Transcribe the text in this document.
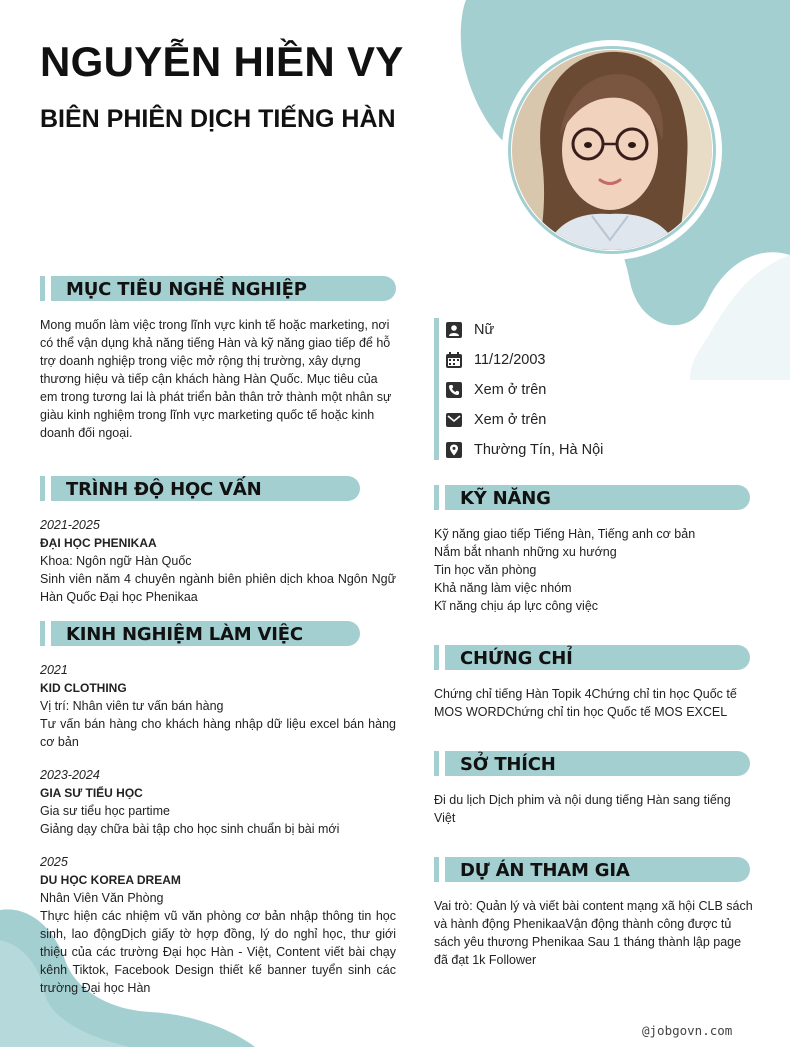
NGUYỄN HIỀN VY
BIÊN PHIÊN DỊCH TIẾNG HÀN
MỤC TIÊU NGHỀ NGHIỆP

Mong muốn làm việc trong lĩnh vực kinh tế hoặc marketing, nơi có thể vận dụng khả năng tiếng Hàn và kỹ năng giao tiếp để hỗ trợ doanh nghiệp trong việc mở rộng thị trường, xây dựng thương hiệu và tiếp cận khách hàng Hàn Quốc. Mục tiêu của em trong tương lai là phát triển bản thân trở thành một nhân sự giàu kinh nghiệm trong lĩnh vực marketing quốc tế hoặc kinh doanh đối ngoại.

TRÌNH ĐỘ HỌC VẤN
2021-2025
ĐẠI HỌC PHENIKAA
Khoa: Ngôn ngữ Hàn Quốc
Sinh viên năm 4 chuyên ngành biên phiên dịch khoa Ngôn Ngữ Hàn Quốc Đại học Phenikaa
KINH NGHIỆM LÀM VIỆC
2021
KID CLOTHING
Vị trí: Nhân viên tư vấn bán hàng
Tư vấn bán hàng cho khách hàng nhập dữ liệu excel bán hàng cơ bản
2023-2024
GIA SƯ TIỂU HỌC
Gia sư tiểu học partime
Giảng dạy chữa bài tập cho học sinh chuẩn bị bài mới
2025
DU HỌC KOREA DREAM
Nhân Viên Văn Phòng
Thực hiện các nhiệm vũ văn phòng cơ bản nhập thông tin học sinh, lao độngDịch giấy tờ hợp đồng, lý do nghỉ học, thư giới thiệu của các trường Đại học Hàn - Việt, Content viết bài chạy kênh Tiktok, Facebook Design thiết kế banner tuyển sinh các trường Đại học Hàn
Nữ
11/12/2003
Xem ở trên
Xem ở trên
Thường Tín, Hà Nội
KỸ NĂNG
Kỹ năng giao tiếp Tiếng Hàn, Tiếng anh cơ bản
Nắm bắt nhanh những xu hướng
Tin học văn phòng
Khả năng làm việc nhóm
Kĩ năng chịu áp lực công việc
CHỨNG CHỈ

Chứng chỉ tiếng Hàn Topik 4Chứng chỉ tin học Quốc tế MOS WORDChứng chỉ tin học Quốc tế MOS EXCEL

SỞ THÍCH

Đi du lịch Dịch phim và nội dung tiếng Hàn sang tiếng Việt

DỰ ÁN THAM GIA

Vai trò: Quản lý và viết bài content mạng xã hội CLB sách và hành động PhenikaaVận động thành công được tủ sách yêu thương Phenikaa Sau 1 tháng thành lập page đã đạt 1k Follower

@jobgovn.com
